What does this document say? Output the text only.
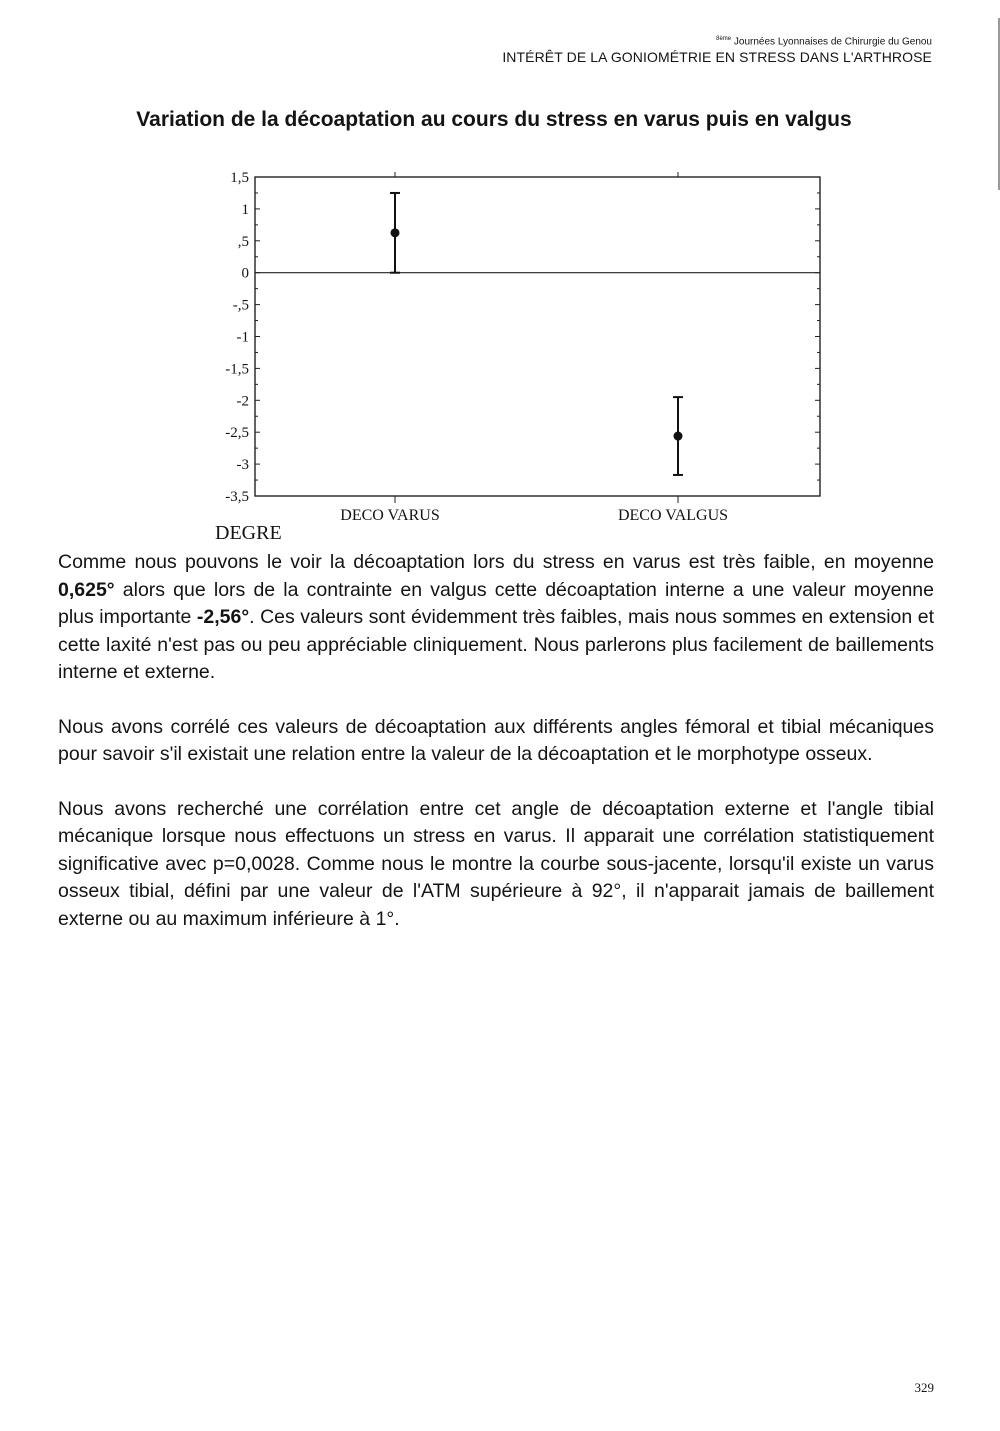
$^{8ème}$ Journées Lyonnaises de Chirurgie du Genou
INTÉRÊT DE LA GONIOMÉTRIE EN STRESS DANS L'ARTHROSE
Variation de la décoaptation au cours du stress en varus puis en valgus
1,5
1
,5
0
-,5
-1
-1,5
-2
-2,5
-3
-3,5
DECO VARUS	DECO VALGUS
DEGRE

Comme nous pouvons le voir la décoaptation lors du stress en varus est très faible, en moyenne 0,625° alors que lors de la contrainte en valgus cette décoaptation interne a une valeur moyenne plus importante -2,56°. Ces valeurs sont évidemment très faibles, mais nous sommes en extension et cette laxité n'est pas ou peu appréciable cliniquement. Nous parlerons plus facilement de baillements interne et externe.

Nous avons corrélé ces valeurs de décoaptation aux différents angles fémoral et tibial mécaniques pour savoir s'il existait une relation entre la valeur de la décoaptation et le morphotype osseux.

Nous avons recherché une corrélation entre cet angle de décoaptation externe et l'angle tibial mécanique lorsque nous effectuons un stress en varus. Il apparait une corrélation statistiquement significative avec p=0,0028. Comme nous le montre la courbe sous-jacente, lorsqu'il existe un varus osseux tibial, défini par une valeur de l'ATM supérieure à 92°, il n'apparait jamais de baillement externe ou au maximum inférieure à 1°.

329
